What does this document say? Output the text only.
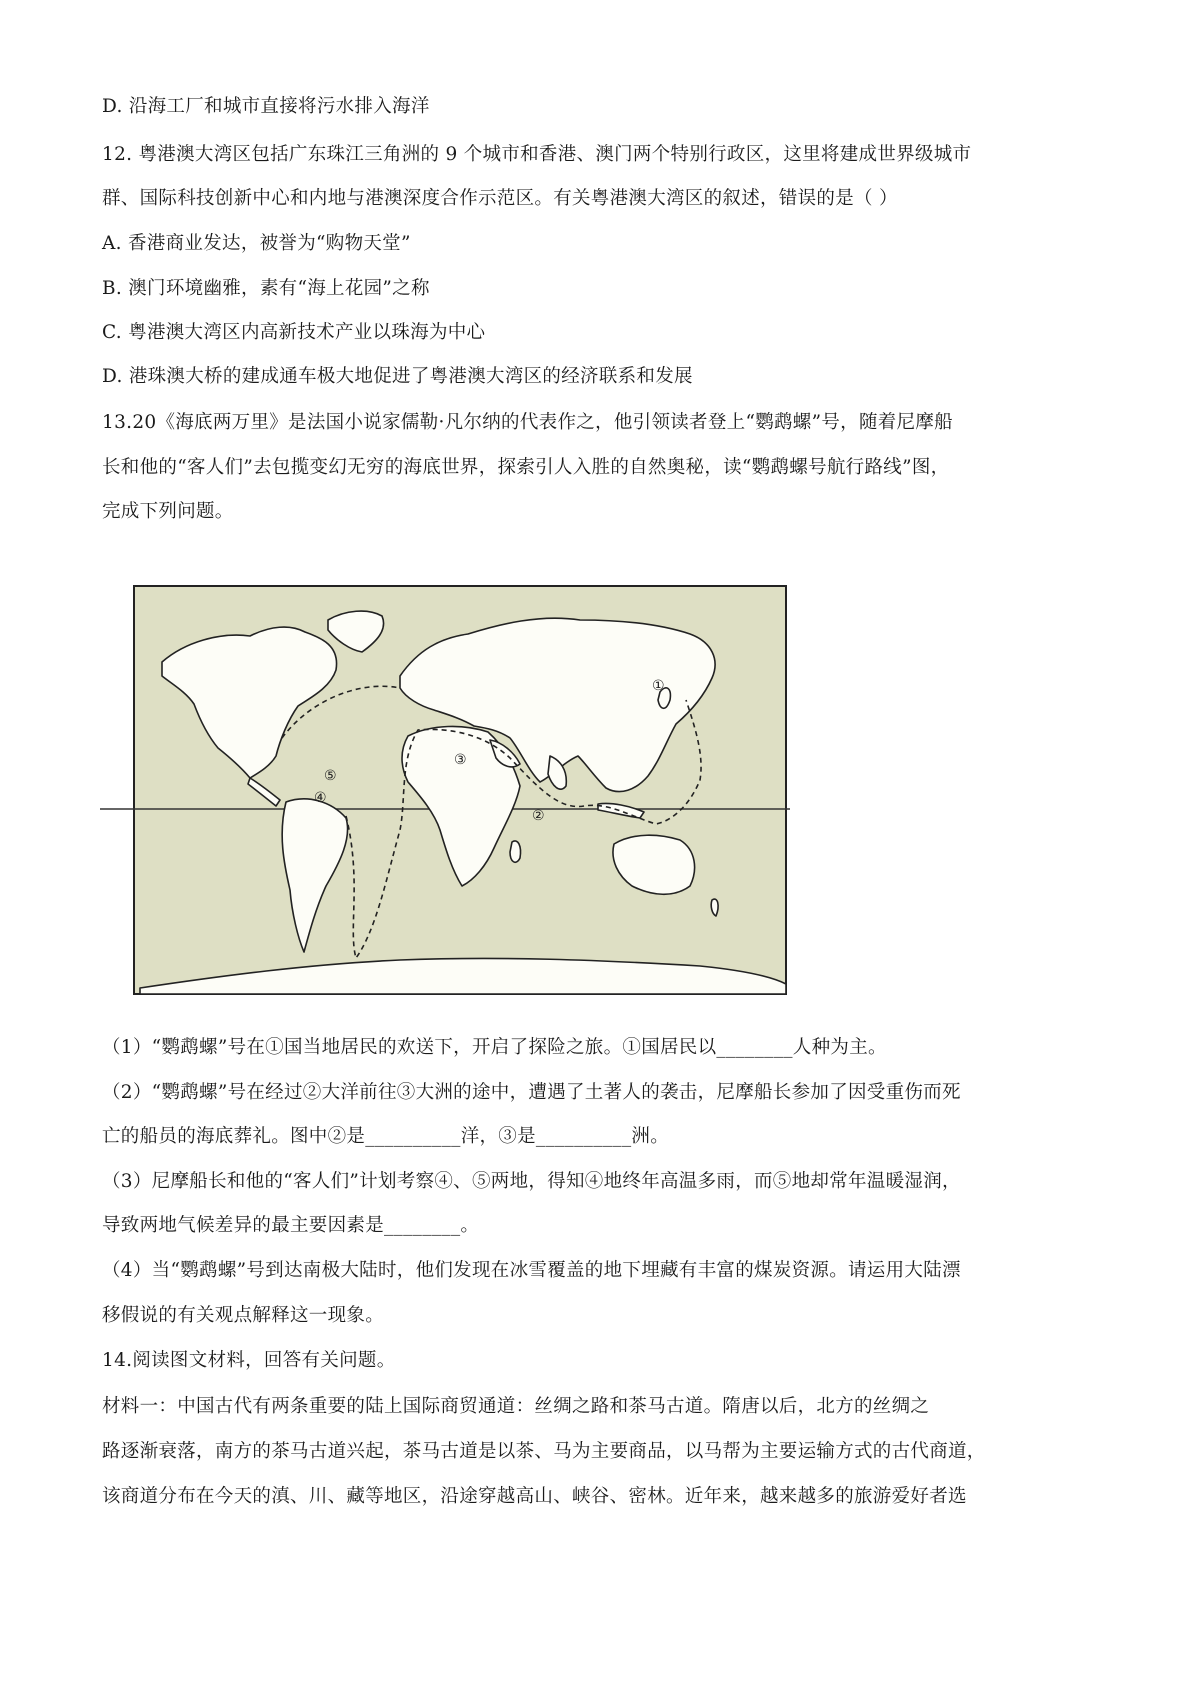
D. 沿海工厂和城市直接将污水排入海洋
12. 粤港澳大湾区包括广东珠江三角洲的 9 个城市和香港、澳门两个特别行政区，这里将建成世界级城市
群、国际科技创新中心和内地与港澳深度合作示范区。有关粤港澳大湾区的叙述，错误的是（ ）
A. 香港商业发达，被誉为“购物天堂”
B. 澳门环境幽雅，素有“海上花园”之称
C. 粤港澳大湾区内高新技术产业以珠海为中心
D. 港珠澳大桥的建成通车极大地促进了粤港澳大湾区的经济联系和发展
13.20《海底两万里》是法国小说家儒勒·凡尔纳的代表作之，他引领读者登上“鹦鹉螺”号，随着尼摩船
长和他的“客人们”去包揽变幻无穷的海底世界，探索引人入胜的自然奥秘，读“鹦鹉螺号航行路线”图，
完成下列问题。
①
②
③
④
⑤
（1）“鹦鹉螺”号在①国当地居民的欢送下，开启了探险之旅。①国居民以________人种为主。
（2）“鹦鹉螺”号在经过②大洋前往③大洲的途中，遭遇了土著人的袭击，尼摩船长参加了因受重伤而死
亡的船员的海底葬礼。图中②是__________洋，③是__________洲。
（3）尼摩船长和他的“客人们”计划考察④、⑤两地，得知④地终年高温多雨，而⑤地却常年温暖湿润，
导致两地气候差异的最主要因素是________。
（4）当“鹦鹉螺”号到达南极大陆时，他们发现在冰雪覆盖的地下埋藏有丰富的煤炭资源。请运用大陆漂
移假说的有关观点解释这一现象。
14.阅读图文材料，回答有关问题。
材料一：中国古代有两条重要的陆上国际商贸通道：丝绸之路和茶马古道。隋唐以后，北方的丝绸之
路逐渐衰落，南方的茶马古道兴起，茶马古道是以茶、马为主要商品，以马帮为主要运输方式的古代商道，
该商道分布在今天的滇、川、藏等地区，沿途穿越高山、峡谷、密林。近年来，越来越多的旅游爱好者选
